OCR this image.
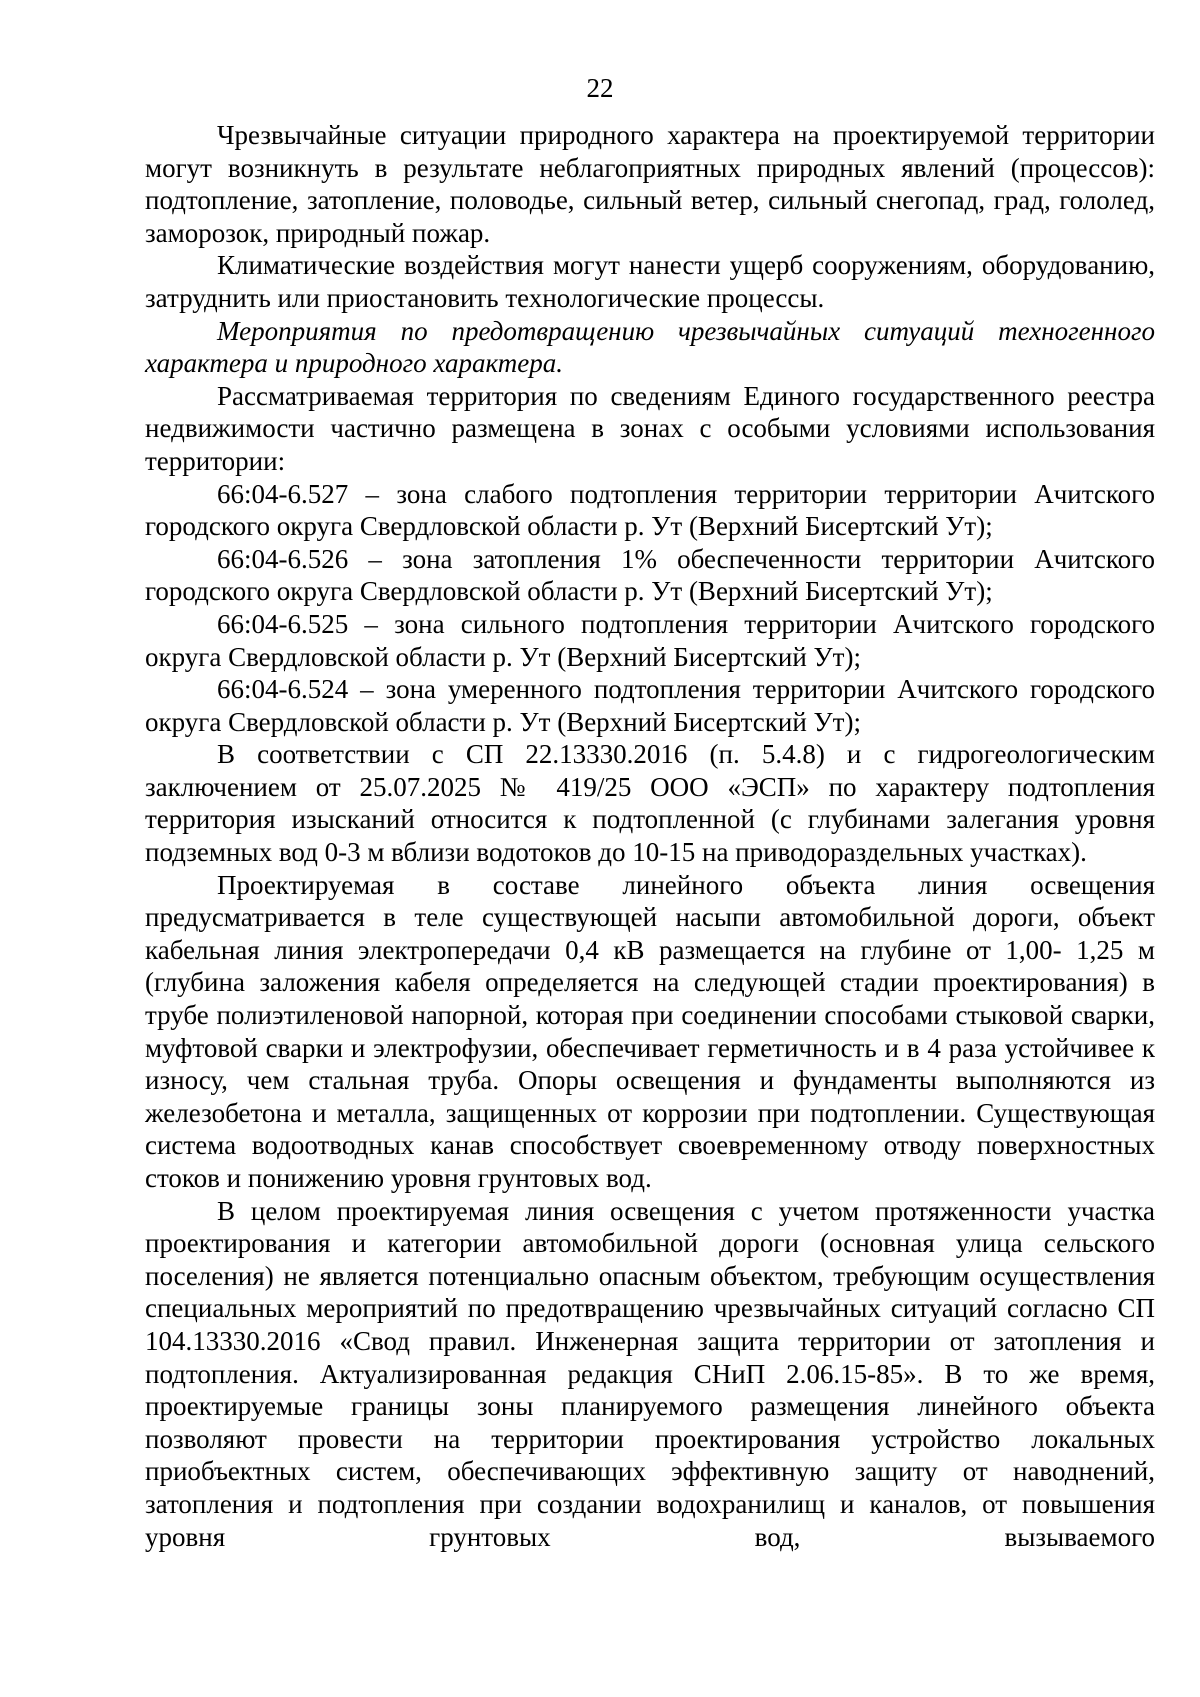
22

Чрезвычайные ситуации природного характера на проектируемой территории могут возникнуть в результате неблагоприятных природных явлений (процессов): подтопление, затопление, половодье, сильный ветер, сильный снегопад, град, гололед, заморозок, природный пожар.

Климатические воздействия могут нанести ущерб сооружениям, оборудованию, затруднить или приостановить технологические процессы.

Мероприятия по предотвращению чрезвычайных ситуаций техногенного характера и природного характера.

Рассматриваемая территория по сведениям Единого государственного реестра недвижимости частично размещена в зонах с особыми условиями использования территории:

66:04-6.527 – зона слабого подтопления территории территории Ачитского городского округа Свердловской области р. Ут (Верхний Бисертский Ут);

66:04-6.526 – зона затопления 1% обеспеченности территории Ачитского городского округа Свердловской области р. Ут (Верхний Бисертский Ут);

66:04-6.525 – зона сильного подтопления территории Ачитского городского округа Свердловской области р. Ут (Верхний Бисертский Ут);

66:04-6.524 – зона умеренного подтопления территории Ачитского городского округа Свердловской области р. Ут (Верхний Бисертский Ут);

В соответствии с СП 22.13330.2016 (п. 5.4.8) и с гидрогеологическим заключением от 25.07.2025 № 419/25 ООО «ЭСП» по характеру подтопления территория изысканий относится к подтопленной (с глубинами залегания уровня подземных вод 0-3 м вблизи водотоков до 10-15 на приводораздельных участках).

Проектируемая в составе линейного объекта линия освещения предусматривается в теле существующей насыпи автомобильной дороги, объект кабельная линия электропередачи 0,4 кВ размещается на глубине от 1,00- 1,25 м (глубина заложения кабеля определяется на следующей стадии проектирования) в трубе полиэтиленовой напорной, которая при соединении способами стыковой сварки, муфтовой сварки и электрофузии, обеспечивает герметичность и в 4 раза устойчивее к износу, чем стальная труба. Опоры освещения и фундаменты выполняются из железобетона и металла, защищенных от коррозии при подтоплении. Существующая система водоотводных канав способствует своевременному отводу поверхностных стоков и понижению уровня грунтовых вод.

В целом проектируемая линия освещения с учетом протяженности участка проектирования и категории автомобильной дороги (основная улица сельского поселения) не является потенциально опасным объектом, требующим осуществления специальных мероприятий по предотвращению чрезвычайных ситуаций согласно СП 104.13330.2016 «Свод правил. Инженерная защита территории от затопления и подтопления. Актуализированная редакция СНиП 2.06.15-85». В то же время, проектируемые границы зоны планируемого размещения линейного объекта позволяют провести на территории проектирования устройство локальных приобъектных систем, обеспечивающих эффективную защиту от наводнений, затопления и подтопления при создании водохранилищ и каналов, от повышения уровня грунтовых вод, вызываемого
